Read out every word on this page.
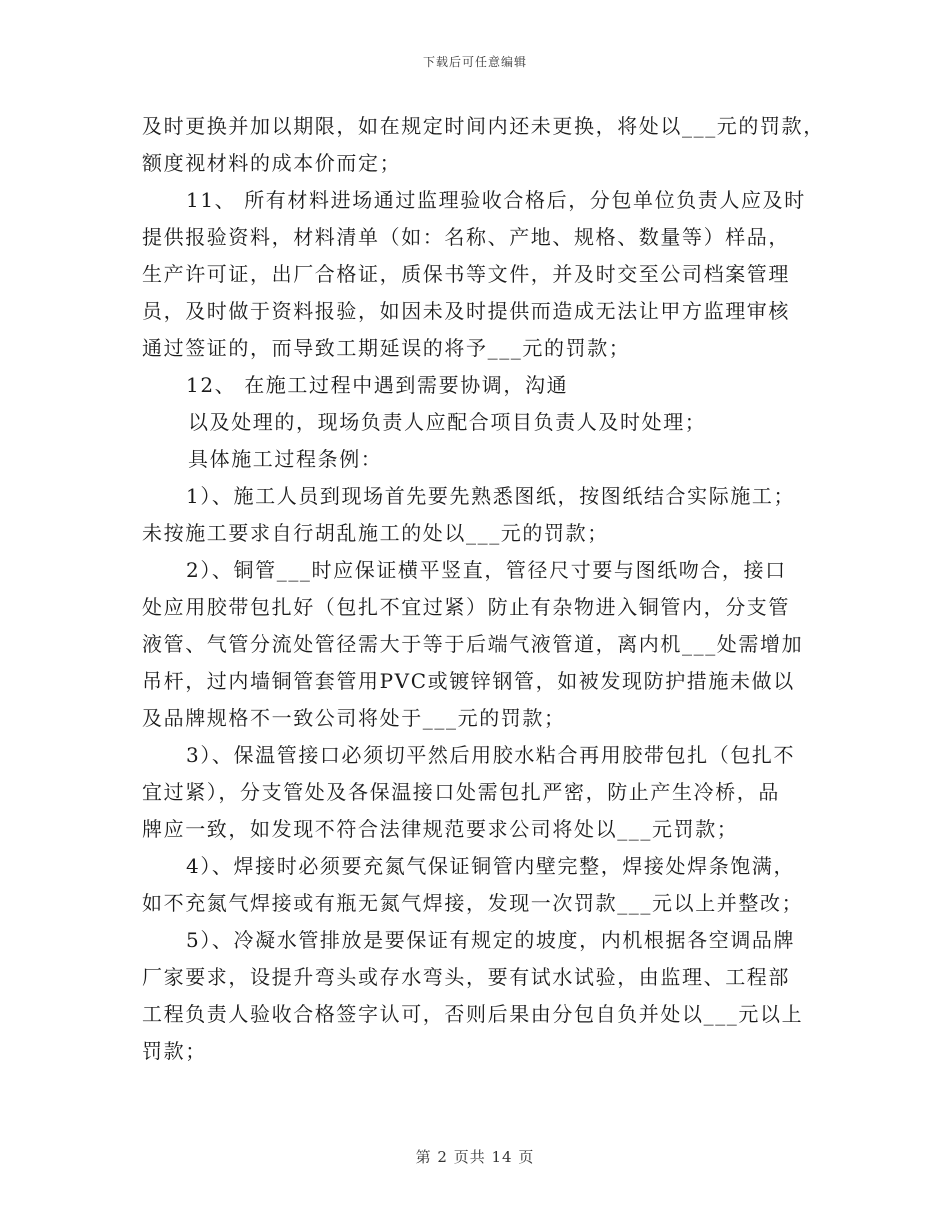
下载后可任意编辑
及时更换并加以期限，如在规定时间内还未更换，将处以___元的罚款，
额度视材料的成本价而定；
11、 所有材料进场通过监理验收合格后，分包单位负责人应及时
提供报验资料，材料清单（如：名称、产地、规格、数量等）样品，
生产许可证，出厂合格证，质保书等文件，并及时交至公司档案管理
员，及时做于资料报验，如因未及时提供而造成无法让甲方监理审核
通过签证的，而导致工期延误的将予___元的罚款；
12、 在施工过程中遇到需要协调，沟通
以及处理的，现场负责人应配合项目负责人及时处理；
具体施工过程条例：
1）、施工人员到现场首先要先熟悉图纸，按图纸结合实际施工；
未按施工要求自行胡乱施工的处以___元的罚款；
2）、铜管___时应保证横平竖直，管径尺寸要与图纸吻合，接口
处应用胶带包扎好（包扎不宜过紧）防止有杂物进入铜管内，分支管
液管、气管分流处管径需大于等于后端气液管道，离内机___处需增加
吊杆，过内墙铜管套管用PVC或镀锌钢管，如被发现防护措施未做以
及品牌规格不一致公司将处于___元的罚款；
3）、保温管接口必须切平然后用胶水粘合再用胶带包扎（包扎不
宜过紧），分支管处及各保温接口处需包扎严密，防止产生冷桥，品
牌应一致，如发现不符合法律规范要求公司将处以___元罚款；
4）、焊接时必须要充氮气保证铜管内壁完整，焊接处焊条饱满，
如不充氮气焊接或有瓶无氮气焊接，发现一次罚款___元以上并整改；
5）、冷凝水管排放是要保证有规定的坡度，内机根据各空调品牌
厂家要求，设提升弯头或存水弯头，要有试水试验，由监理、工程部
工程负责人验收合格签字认可，否则后果由分包自负并处以___元以上
罚款；
第 2 页共 14 页
